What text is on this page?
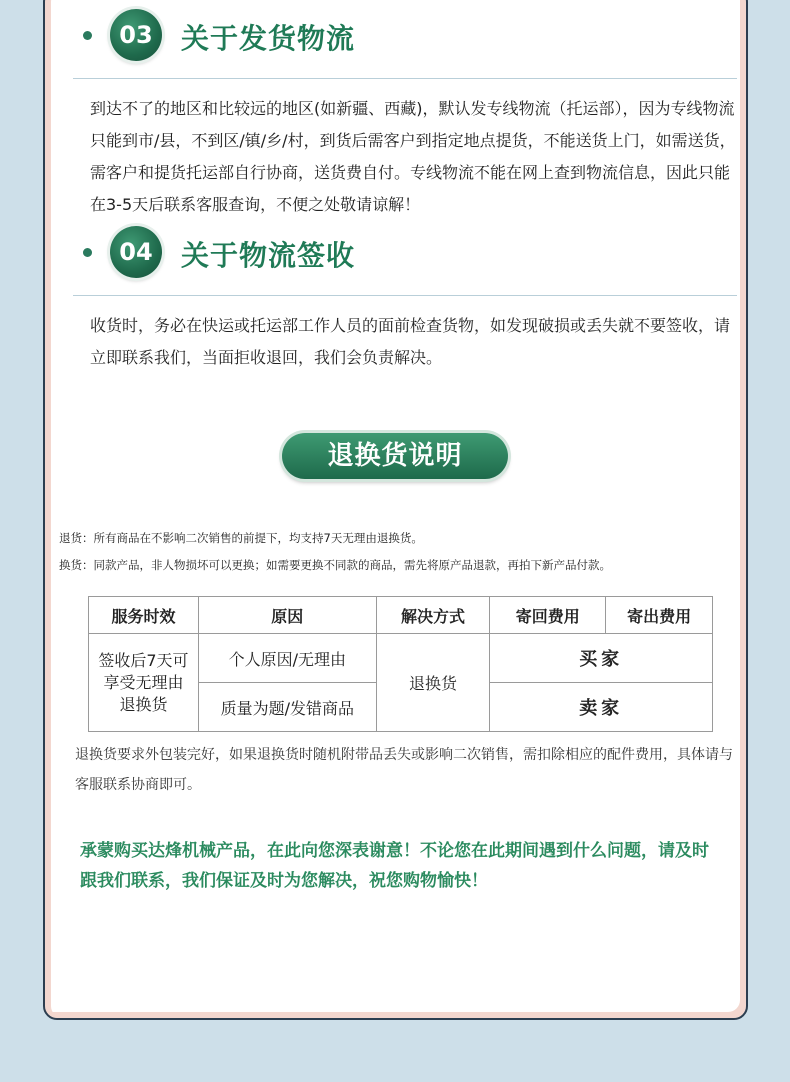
03	关于发货物流
到达不了的地区和比较远的地区(如新疆、西藏)，默认发专线物流（托运部），因为专线物流只能到市/县，不到区/镇/乡/村，到货后需客户到指定地点提货，不能送货上门，如需送货，需客户和提货托运部自行协商，送货费自付。专线物流不能在网上查到物流信息，因此只能在3-5天后联系客服查询，不便之处敬请谅解！
04	关于物流签收
收货时，务必在快运或托运部工作人员的面前检查货物，如发现破损或丢失就不要签收，请立即联系我们，当面拒收退回，我们会负责解决。
退换货说明
退货：所有商品在不影响二次销售的前提下，均支持7天无理由退换货。
换货：同款产品，非人物损坏可以更换；如需要更换不同款的商品，需先将原产品退款，再拍下新产品付款。
服务时效	原因	解决方式	寄回费用	寄出费用
签收后7天可享受无理由退换货	个人原因/无理由	退换货	买家	
	质量为题/发错商品		卖家	
退换货要求外包装完好，如果退换货时随机附带品丢失或影响二次销售，需扣除相应的配件费用，具体请与客服联系协商即可。
承蒙购买达烽机械产品，在此向您深表谢意！不论您在此期间遇到什么问题，请及时跟我们联系，我们保证及时为您解决，祝您购物愉快！
